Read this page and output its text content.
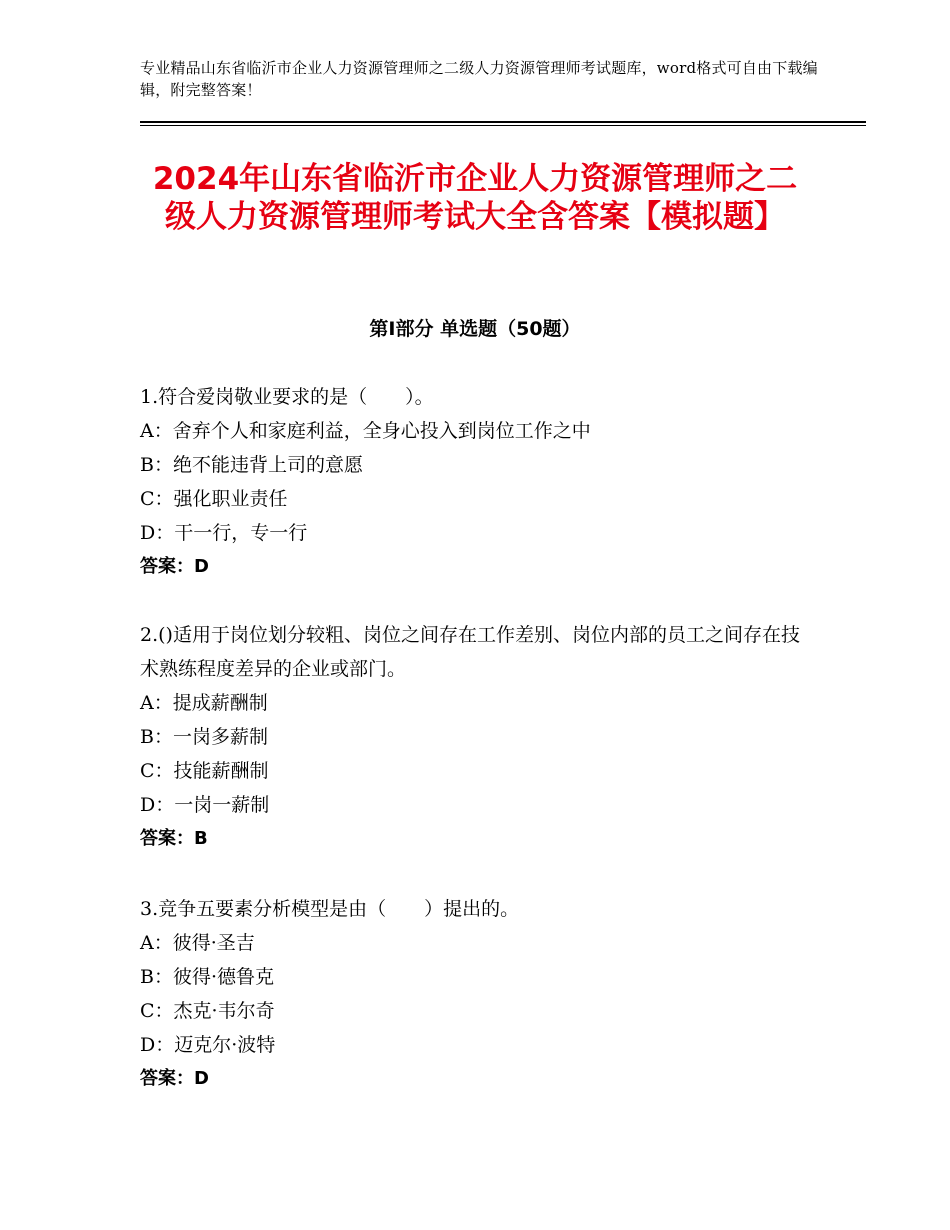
专业精品山东省临沂市企业人力资源管理师之二级人力资源管理师考试题库，word格式可自由下载编辑，附完整答案！
2024年山东省临沂市企业人力资源管理师之二级人力资源管理师考试大全含答案【模拟题】
第Ⅰ部分 单选题（50题）

1.符合爱岗敬业要求的是（　　）。

A：舍弃个人和家庭利益，全身心投入到岗位工作之中

B：绝不能违背上司的意愿

C：强化职业责任

D：干一行，专一行

答案：D

2.()适用于岗位划分较粗、岗位之间存在工作差别、岗位内部的员工之间存在技术熟练程度差异的企业或部门。

A：提成薪酬制

B：一岗多薪制

C：技能薪酬制

D：一岗一薪制

答案：B

3.竞争五要素分析模型是由（　　）提出的。

A：彼得·圣吉

B：彼得·德鲁克

C：杰克·韦尔奇

D：迈克尔·波特

答案：D
